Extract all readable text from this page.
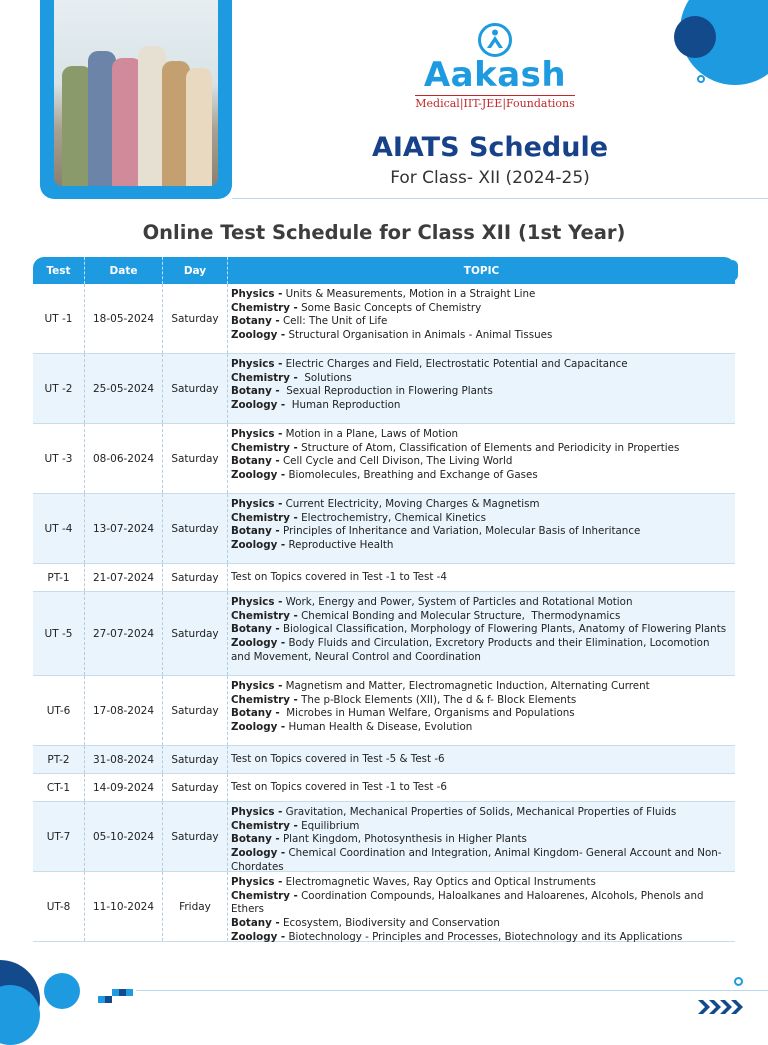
Aakash
Medical|IIT-JEE|Foundations
AIATS Schedule
For Class- XII (2024-25)
Online Test Schedule for Class XII (1st Year)
Test	Date	Day	TOPIC
UT -1	18-05-2024	Saturday
Physics - Units & Measurements, Motion in a Straight Line
Chemistry - Some Basic Concepts of Chemistry
Botany - Cell: The Unit of Life
Zoology - Structural Organisation in Animals - Animal Tissues
UT -2	25-05-2024	Saturday
Physics - Electric Charges and Field, Electrostatic Potential and Capacitance
Chemistry -  Solutions
Botany -  Sexual Reproduction in Flowering Plants
Zoology -  Human Reproduction
UT -3	08-06-2024	Saturday
Physics - Motion in a Plane, Laws of Motion
Chemistry - Structure of Atom, Classification of Elements and Periodicity in Properties
Botany - Cell Cycle and Cell Divison, The Living World
Zoology - Biomolecules, Breathing and Exchange of Gases
UT -4	13-07-2024	Saturday
Physics - Current Electricity, Moving Charges & Magnetism
Chemistry - Electrochemistry, Chemical Kinetics
Botany - Principles of Inheritance and Variation, Molecular Basis of Inheritance
Zoology - Reproductive Health
PT-1	21-07-2024	Saturday	Test on Topics covered in Test -1 to Test -4
UT -5	27-07-2024	Saturday
Physics - Work, Energy and Power, System of Particles and Rotational Motion
Chemistry - Chemical Bonding and Molecular Structure,  Thermodynamics
Botany - Biological Classification, Morphology of Flowering Plants, Anatomy of Flowering Plants
Zoology - Body Fluids and Circulation, Excretory Products and their Elimination, Locomotion and Movement, Neural Control and Coordination
UT-6	17-08-2024	Saturday
Physics - Magnetism and Matter, Electromagnetic Induction, Alternating Current
Chemistry - The p-Block Elements (XII), The d & f- Block Elements
Botany -  Microbes in Human Welfare, Organisms and Populations
Zoology - Human Health & Disease, Evolution
PT-2	31-08-2024	Saturday	Test on Topics covered in Test -5 & Test -6
CT-1	14-09-2024	Saturday	Test on Topics covered in Test -1 to Test -6
UT-7	05-10-2024	Saturday
Physics - Gravitation, Mechanical Properties of Solids, Mechanical Properties of Fluids
Chemistry - Equilibrium
Botany - Plant Kingdom, Photosynthesis in Higher Plants
Zoology - Chemical Coordination and Integration, Animal Kingdom- General Account and Non-Chordates
UT-8	11-10-2024	Friday
Physics - Electromagnetic Waves, Ray Optics and Optical Instruments
Chemistry - Coordination Compounds, Haloalkanes and Haloarenes, Alcohols, Phenols and Ethers
Botany - Ecosystem, Biodiversity and Conservation
Zoology - Biotechnology - Principles and Processes, Biotechnology and its Applications
